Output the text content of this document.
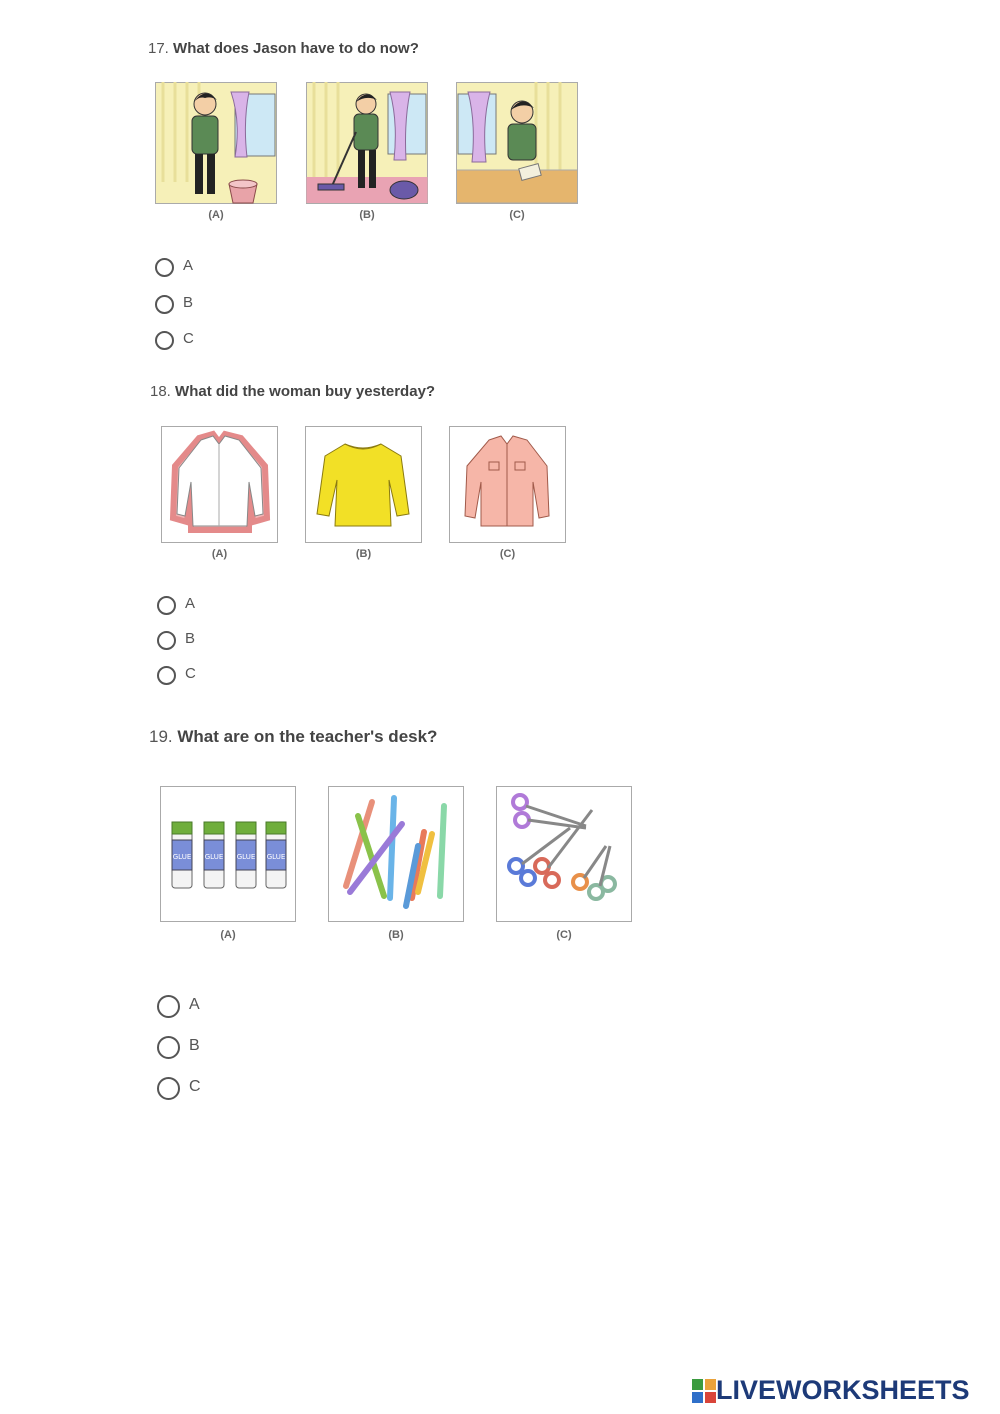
17. What does Jason have to do now?
(A)	(B)	(C)
A
B
C
18. What did the woman buy yesterday?
(A)	(B)	(C)
A
B
C
19. What are on the teacher's desk?
GLUE GLUE GLUE GLUE
(A)	(B)	(C)
A
B
C
LIVEWORKSHEETS
